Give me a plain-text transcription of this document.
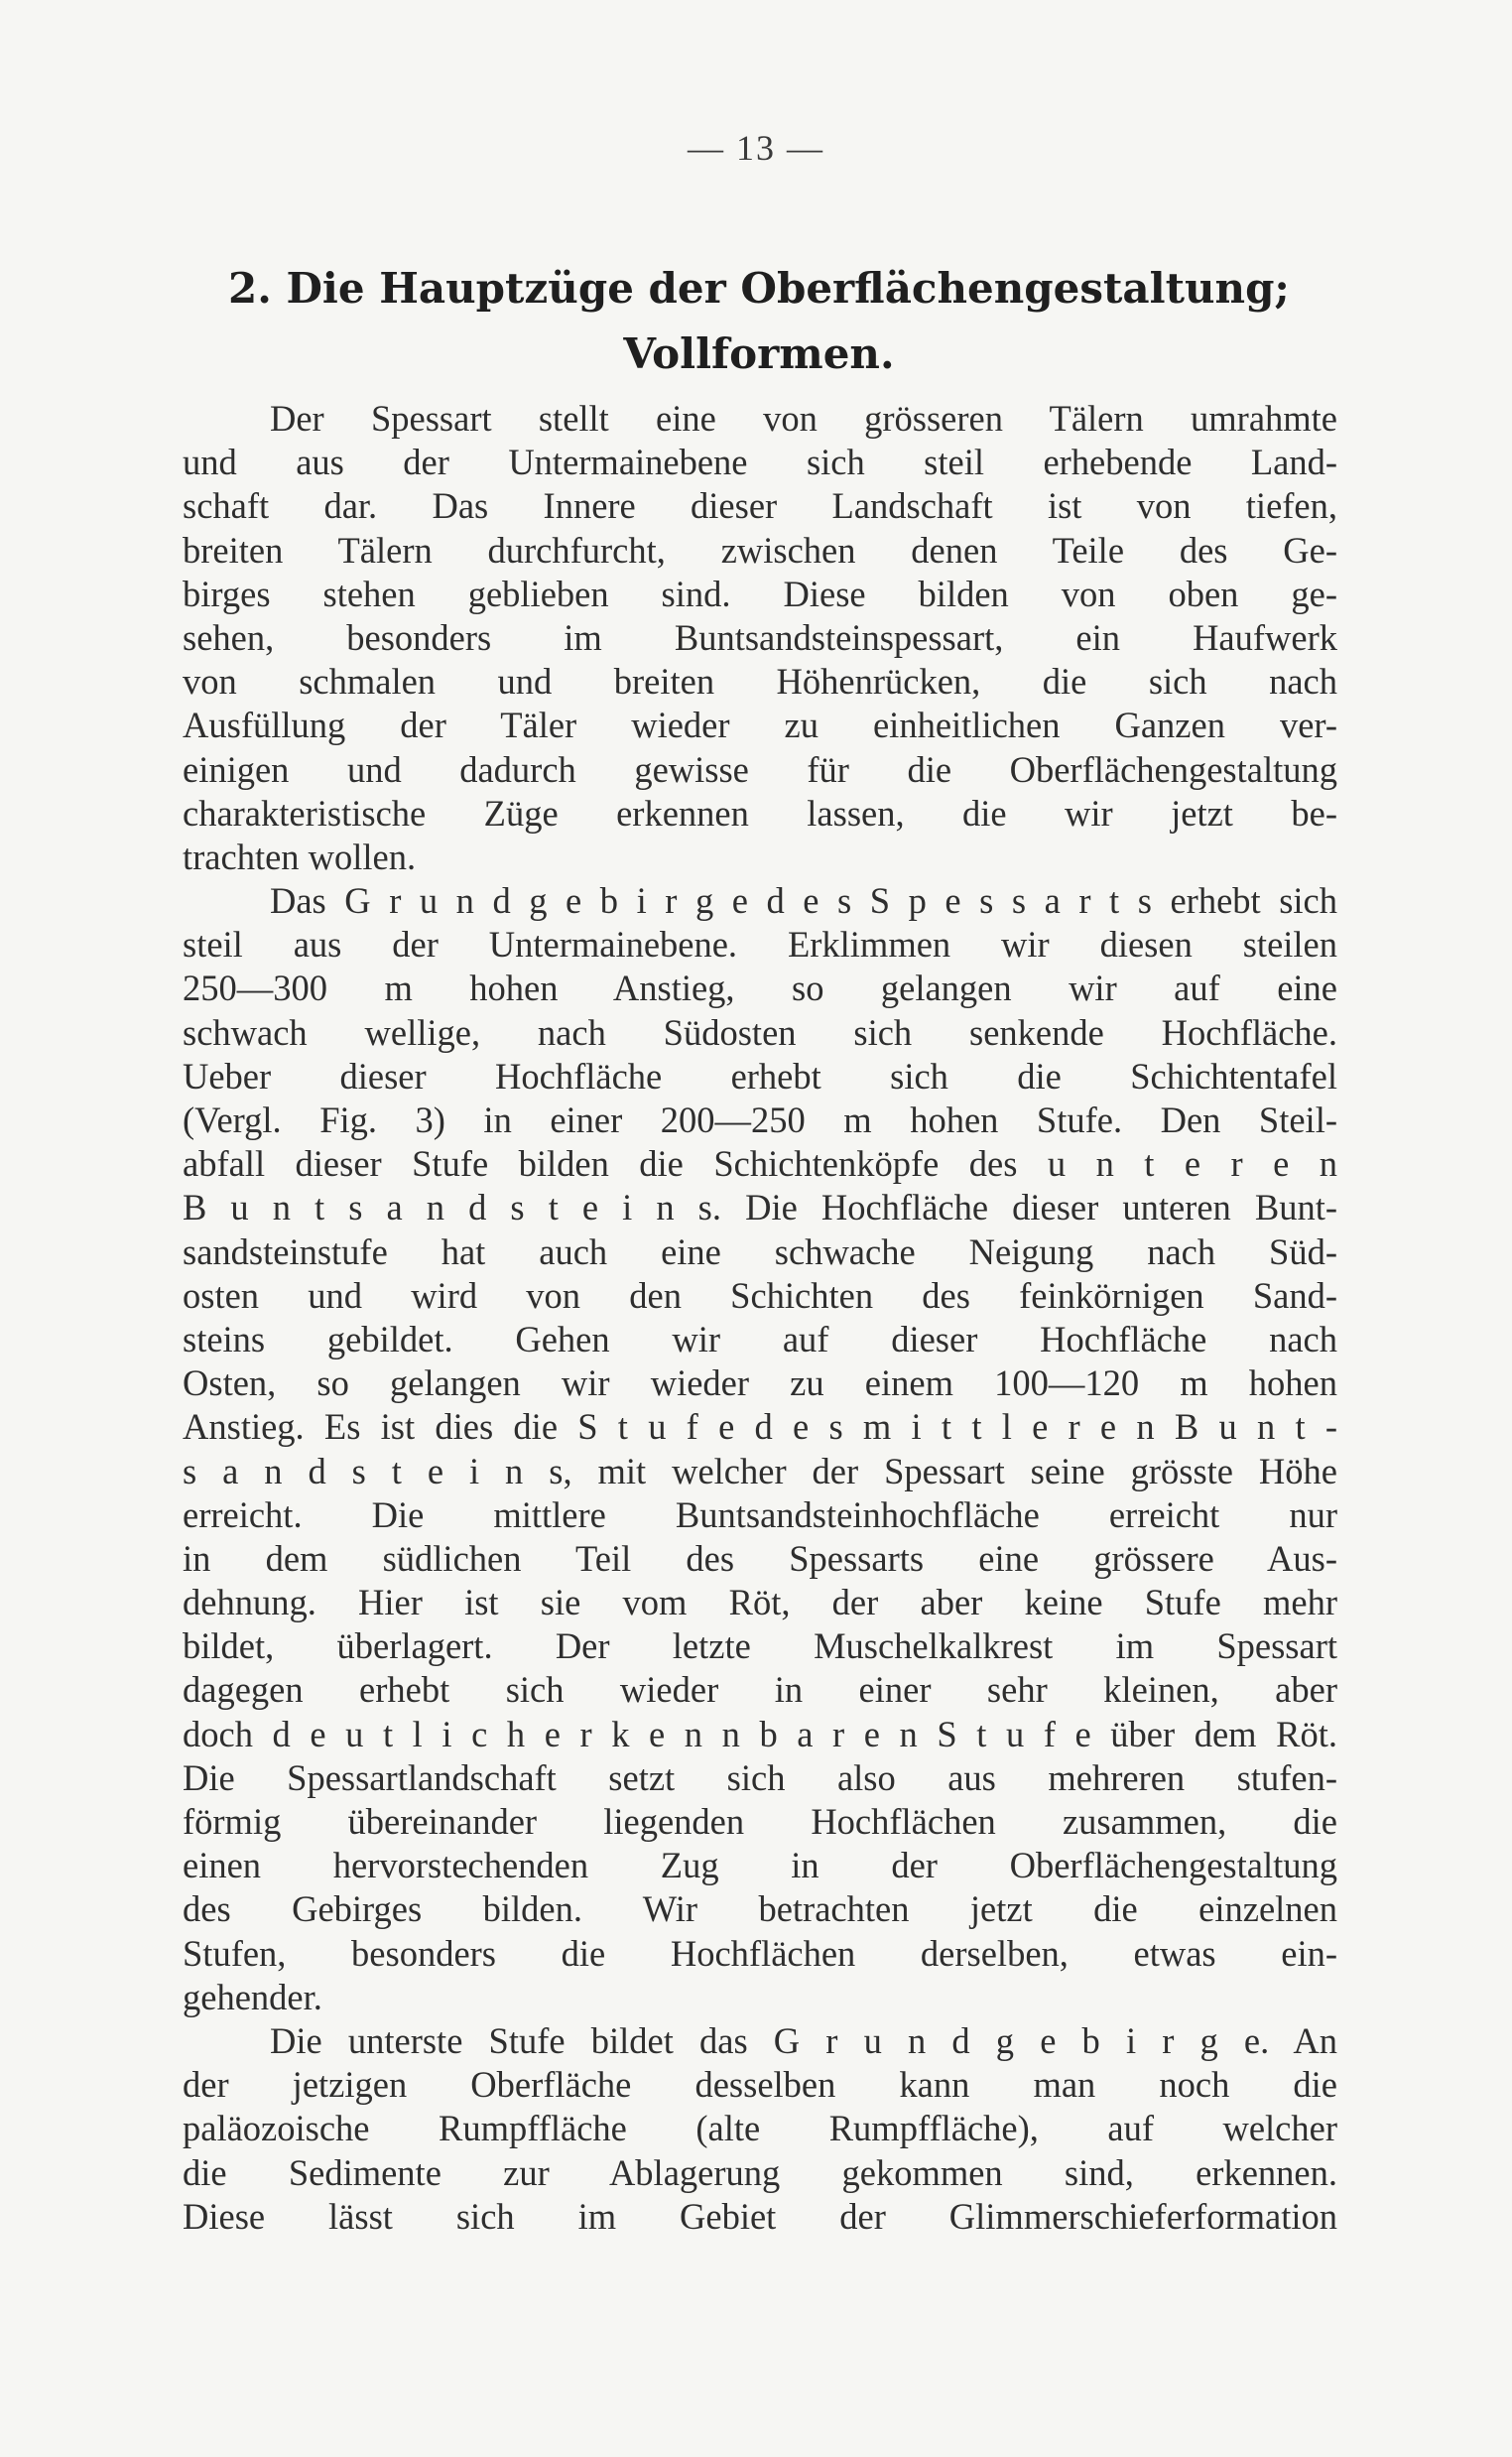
— 13 —
2. Die Hauptzüge der Oberflächengestaltung;
Vollformen.
Der Spessart stellt eine von grösseren Tälern umrahmte
und aus der Untermainebene sich steil erhebende Land-
schaft dar. Das Innere dieser Landschaft ist von tiefen,
breiten Tälern durchfurcht, zwischen denen Teile des Ge-
birges stehen geblieben sind. Diese bilden von oben ge-
sehen, besonders im Buntsandsteinspessart, ein Haufwerk
von schmalen und breiten Höhenrücken, die sich nach
Ausfüllung der Täler wieder zu einheitlichen Ganzen ver-
einigen und dadurch gewisse für die Oberflächengestaltung
charakteristische Züge erkennen lassen, die wir jetzt be-
trachten wollen.
Das G r u n d g e b i r g e d e s S p e s s a r t s erhebt sich
steil aus der Untermainebene. Erklimmen wir diesen steilen
250—300 m hohen Anstieg, so gelangen wir auf eine
schwach wellige, nach Südosten sich senkende Hochfläche.
Ueber dieser Hochfläche erhebt sich die Schichtentafel
(Vergl. Fig. 3) in einer 200—250 m hohen Stufe. Den Steil-
abfall dieser Stufe bilden die Schichtenköpfe des u n t e r e n
B u n t s a n d s t e i n s. Die Hochfläche dieser unteren Bunt-
sandsteinstufe hat auch eine schwache Neigung nach Süd-
osten und wird von den Schichten des feinkörnigen Sand-
steins gebildet. Gehen wir auf dieser Hochfläche nach
Osten, so gelangen wir wieder zu einem 100—120 m hohen
Anstieg. Es ist dies die S t u f e d e s m i t t l e r e n B u n t -
s a n d s t e i n s, mit welcher der Spessart seine grösste Höhe
erreicht. Die mittlere Buntsandsteinhochfläche erreicht nur
in dem südlichen Teil des Spessarts eine grössere Aus-
dehnung. Hier ist sie vom Röt, der aber keine Stufe mehr
bildet, überlagert. Der letzte Muschelkalkrest im Spessart
dagegen erhebt sich wieder in einer sehr kleinen, aber
doch d e u t l i c h e r k e n n b a r e n S t u f e über dem Röt.
Die Spessartlandschaft setzt sich also aus mehreren stufen-
förmig übereinander liegenden Hochflächen zusammen, die
einen hervorstechenden Zug in der Oberflächengestaltung
des Gebirges bilden. Wir betrachten jetzt die einzelnen
Stufen, besonders die Hochflächen derselben, etwas ein-
gehender.
Die unterste Stufe bildet das G r u n d g e b i r g e. An
der jetzigen Oberfläche desselben kann man noch die
paläozoische Rumpffläche (alte Rumpffläche), auf welcher
die Sedimente zur Ablagerung gekommen sind, erkennen.
Diese lässt sich im Gebiet der Glimmerschieferformation
